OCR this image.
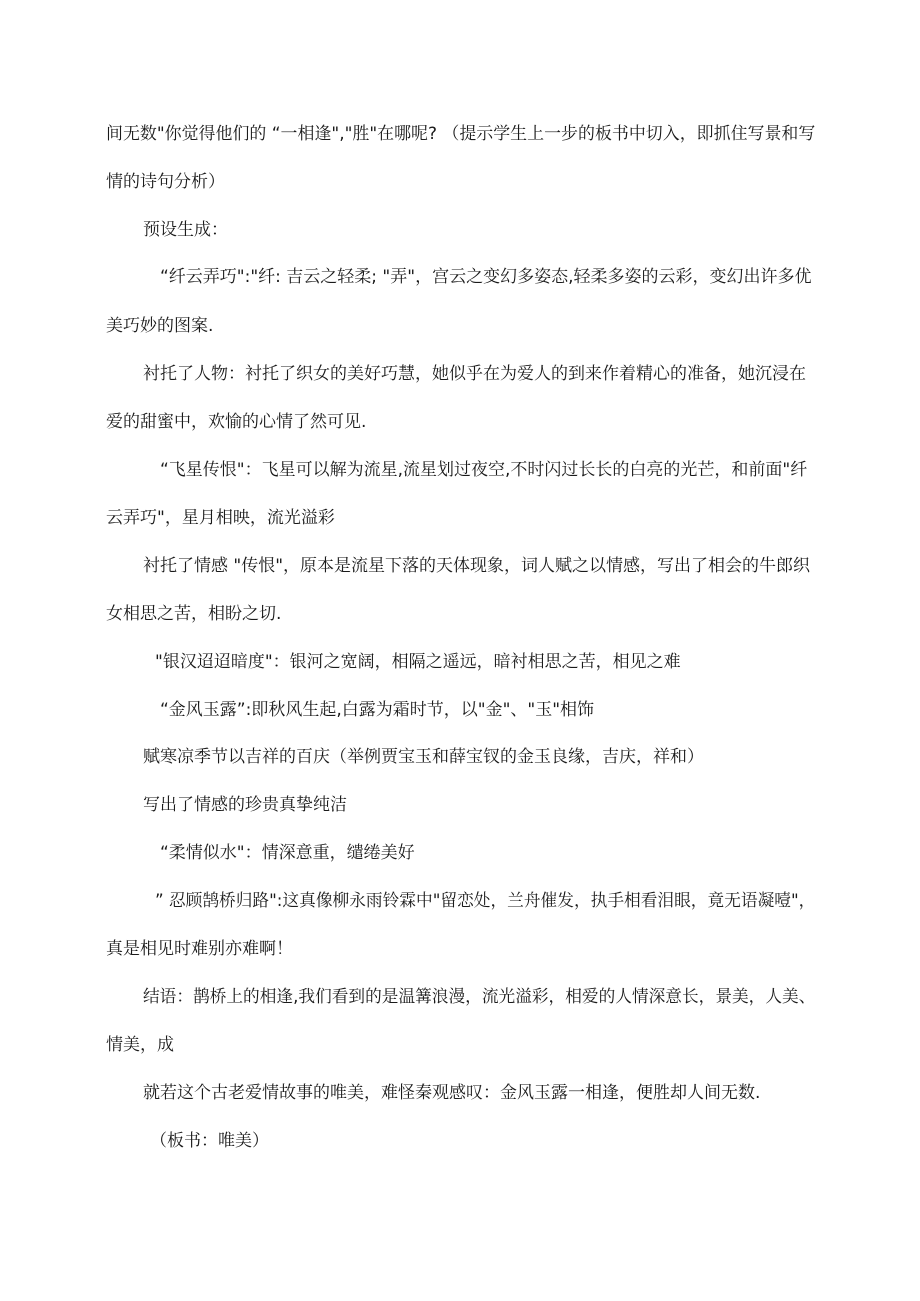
间无数"你觉得他们的 “一相逢","胜"在哪呢? （提示学生上一步的板书中切入，即抓住写景和写
情的诗句分析）
预设生成：
“纤云弄巧":"纤: 吉云之轻柔; "弄"，宫云之变幻多姿态,轻柔多姿的云彩，变幻出许多优
美巧妙的图案.
衬托了人物：衬托了织女的美好巧慧，她似乎在为爱人的到来作着精心的准备，她沉浸在
爱的甜蜜中，欢愉的心情了然可见.
“飞星传恨"：飞星可以解为流星,流星划过夜空,不时闪过长长的白亮的光芒，和前面"纤
云弄巧"，星月相映，流光溢彩
衬托了情感 "传恨"，原本是流星下落的天体现象，词人赋之以情感，写出了相会的牛郎织
女相思之苦，相盼之切.
"银汉迢迢暗度"：银河之宽阔，相隔之遥远，暗衬相思之苦，相见之难
“金风玉露”:即秋风生起,白露为霜时节，以"金"、"玉"相饰
赋寒凉季节以吉祥的百庆（举例贾宝玉和薛宝钗的金玉良缘，吉庆，祥和）
写出了情感的珍贵真挚纯洁
“柔情似水"：情深意重，缱绻美好
” 忍顾鹄桥归路":这真像柳永雨铃霖中"留恋处，兰舟催发，执手相看泪眼，竟无语凝噎"，
真是相见时难别亦难啊！
结语：鹊桥上的相逢,我们看到的是温篝浪漫，流光溢彩，相爱的人情深意长，景美，人美、
情美，成
就若这个古老爱情故事的唯美，难怪秦观感叹：金风玉露一相逢，便胜却人间无数.
（板书：唯美）
